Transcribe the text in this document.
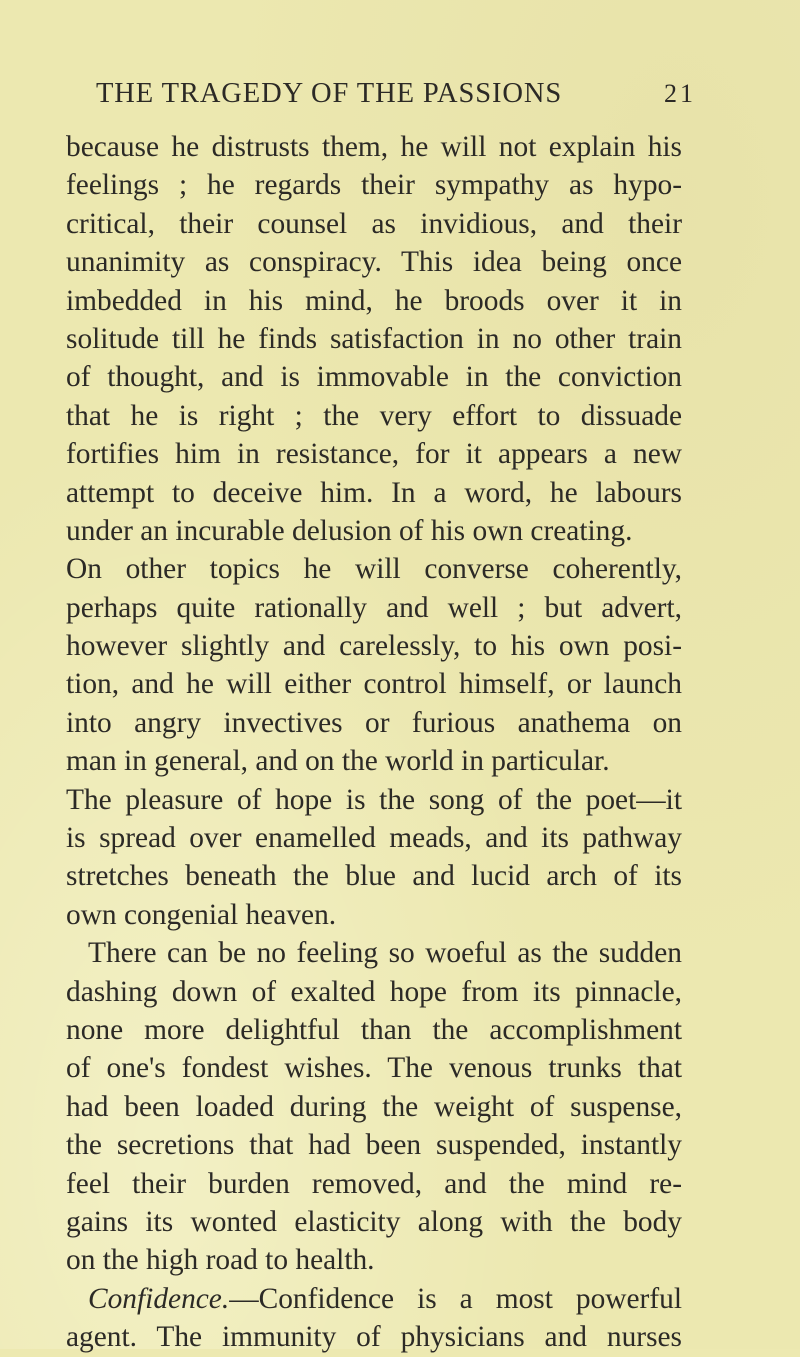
THE TRAGEDY OF THE PASSIONS	21
because he distrusts them, he will not explain his
feelings ; he regards their sympathy as hypo-
critical, their counsel as invidious, and their
unanimity as conspiracy. This idea being once
imbedded in his mind, he broods over it in
solitude till he finds satisfaction in no other train
of thought, and is immovable in the conviction
that he is right ; the very effort to dissuade
fortifies him in resistance, for it appears a new
attempt to deceive him. In a word, he labours
under an incurable delusion of his own creating.
On other topics he will converse coherently,
perhaps quite rationally and well ; but advert,
however slightly and carelessly, to his own posi-
tion, and he will either control himself, or launch
into angry invectives or furious anathema on
man in general, and on the world in particular.
The pleasure of hope is the song of the poet—it
is spread over enamelled meads, and its pathway
stretches beneath the blue and lucid arch of its
own congenial heaven.
There can be no feeling so woeful as the sudden
dashing down of exalted hope from its pinnacle,
none more delightful than the accomplishment
of one's fondest wishes. The venous trunks that
had been loaded during the weight of suspense,
the secretions that had been suspended, instantly
feel their burden removed, and the mind re-
gains its wonted elasticity along with the body
on the high road to health.
Confidence.—Confidence is a most powerful
agent. The immunity of physicians and nurses
